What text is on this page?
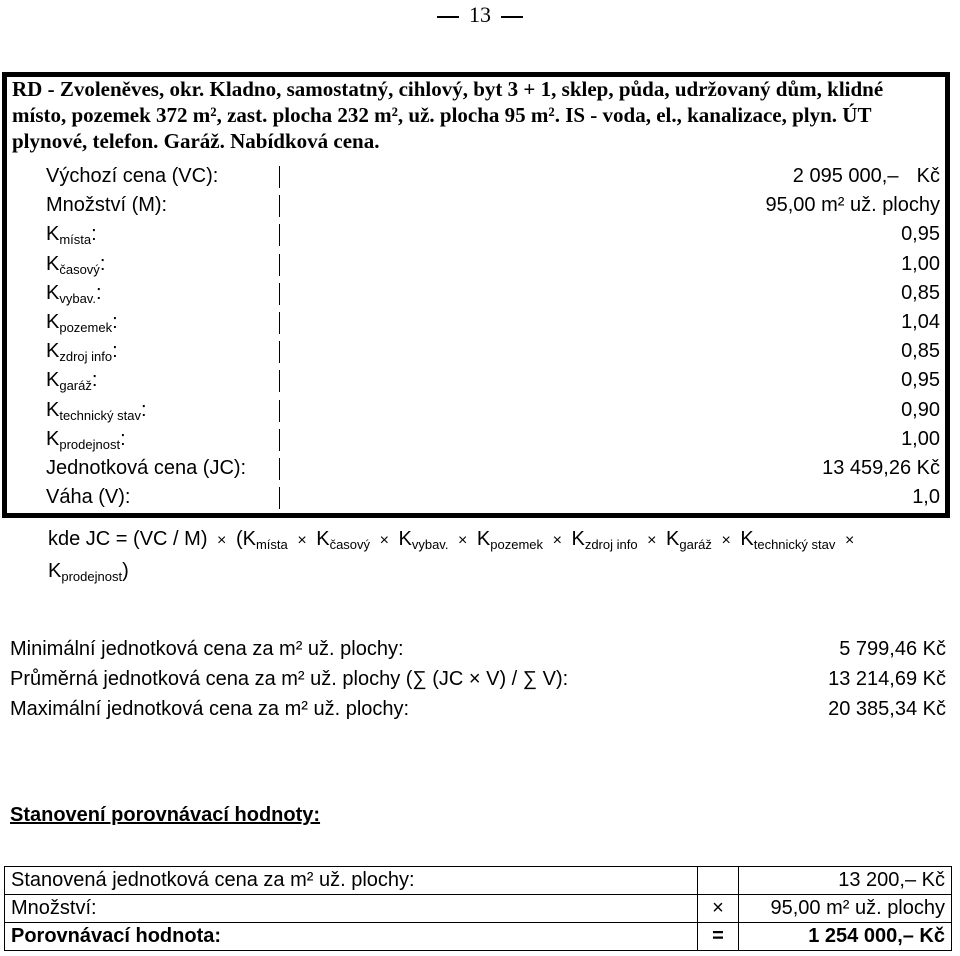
13
RD - Zvoleněves, okr. Kladno, samostatný, cihlový, byt 3 + 1, sklep, půda, udržovaný dům, klidné místo, pozemek 372 m², zast. plocha 232 m², už. plocha 95 m². IS - voda, el., kanalizace, plyn. ÚT plynové, telefon. Garáž. Nabídková cena.
Výchozí cena (VC):	2 095 000,– Kč
Množství (M):	95,00 m² už. plochy
$K_{místa}$:	0,95
$K_{časový}$:	1,00
$K_{vybav.}$:	0,85
$K_{pozemek}$:	1,04
$K_{zdroj info}$:	0,85
$K_{garáž}$:	0,95
$K_{technický stav}$:	0,90
$K_{prodejnost}$:	1,00
Jednotková cena (JC):	13 459,26 Kč
Váha (V):	1,0
kde JC = $(VC / M) \times (K_{místa} \times K_{časový} \times K_{vybav.} \times K_{pozemek} \times K_{zdroj info} \times K_{garáž} \times K_{technický stav}$ ×
$K_{prodejnost}$)
Minimální jednotková cena za m² už. plochy:	5 799,46 Kč
Průměrná jednotková cena za m² už. plochy (∑ (JC × V) / ∑ V):	13 214,69 Kč
Maximální jednotková cena za m² už. plochy:	20 385,34 Kč
Stanovení porovnávací hodnoty:
Stanovená jednotková cena za m² už. plochy:		13 200,– Kč
Množství:	×	95,00 m² už. plochy
Porovnávací hodnota:	=	1 254 000,– Kč
